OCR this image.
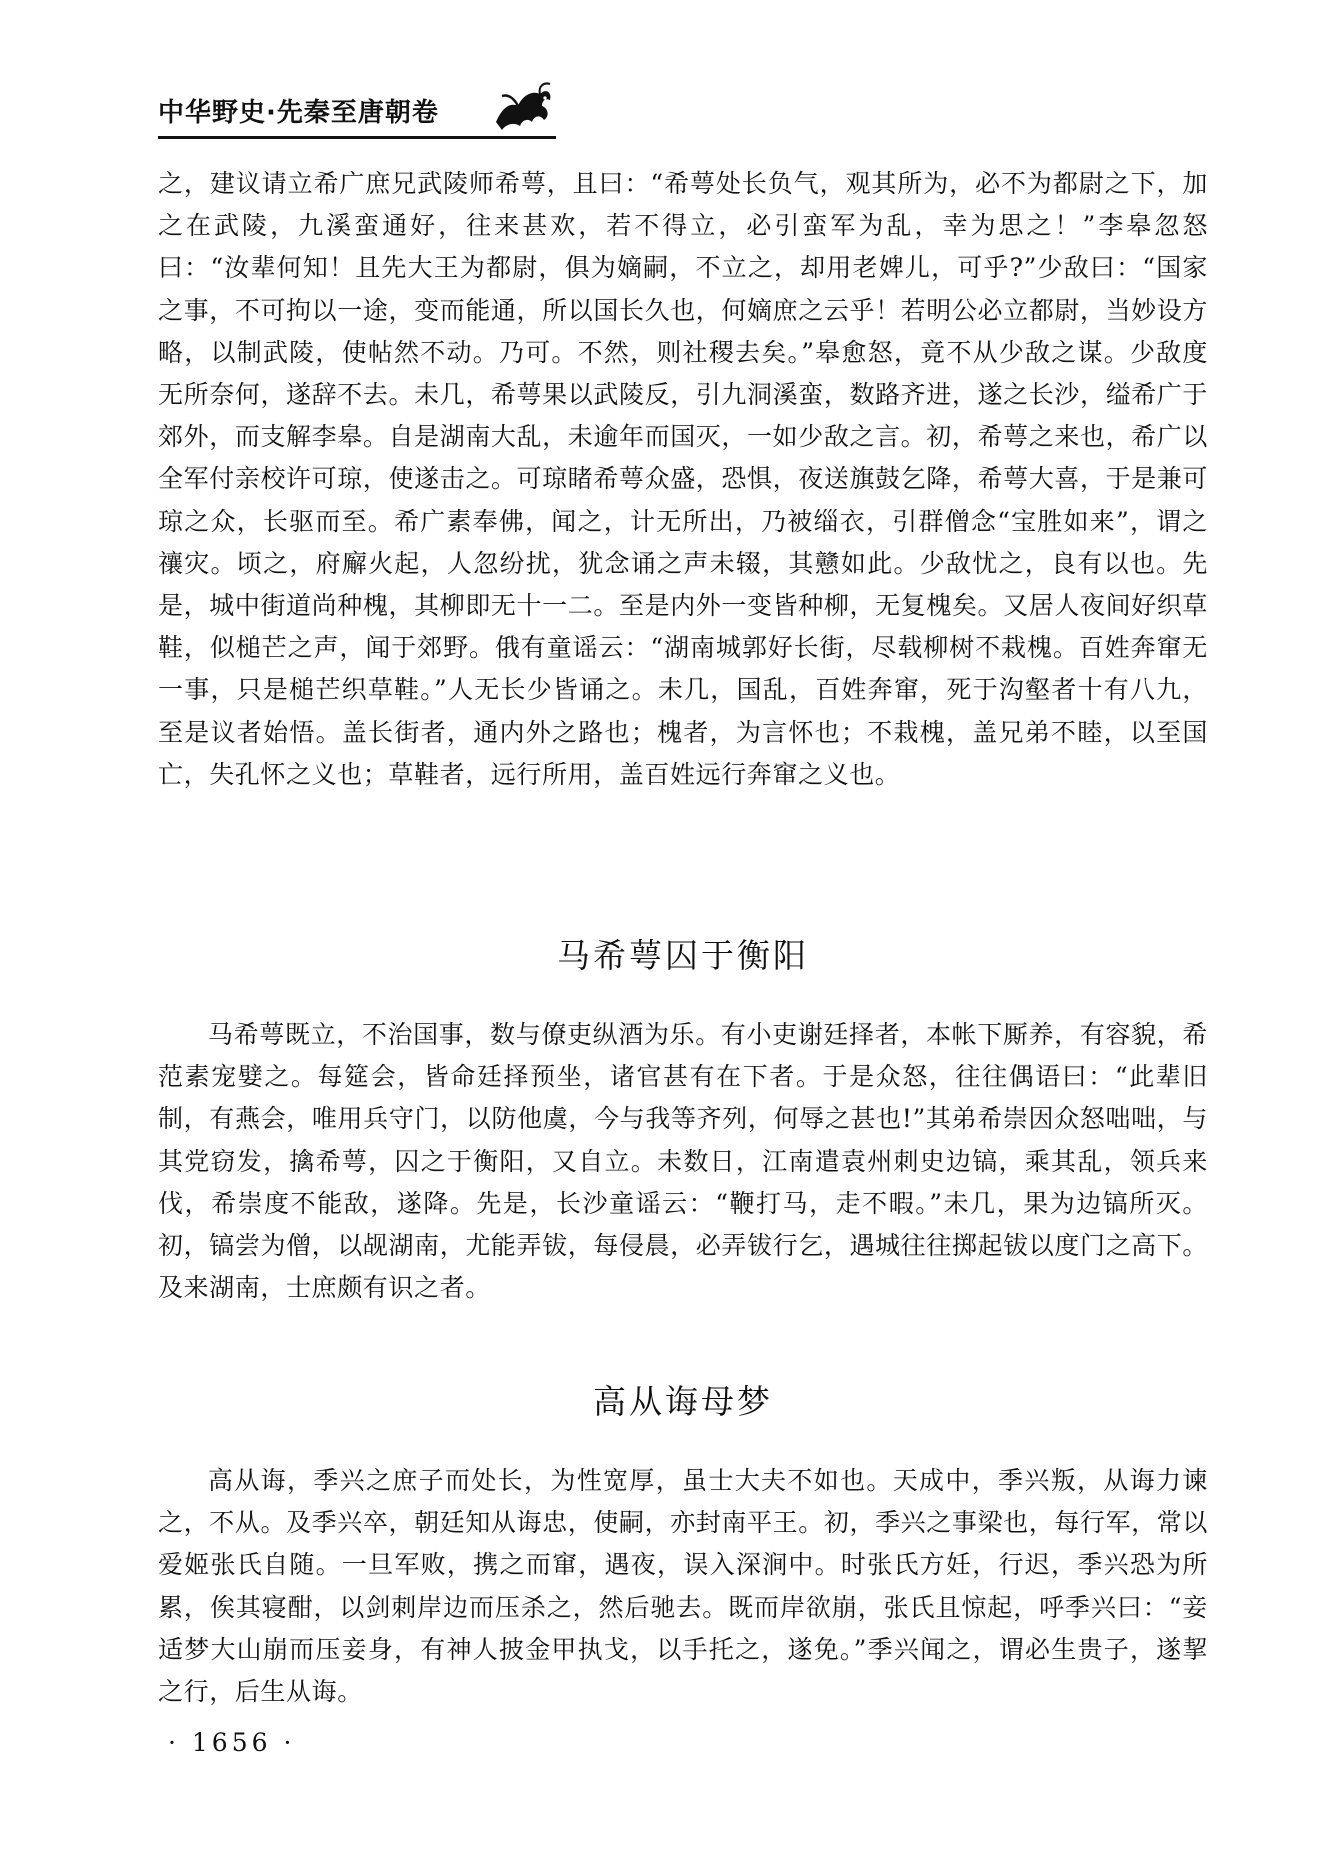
中华野史·先秦至唐朝卷

之，建议请立希广庶兄武陵师希萼，且曰：“希萼处长负气，观其所为，必不为都尉之下，加之在武陵，九溪蛮通好，往来甚欢，若不得立，必引蛮军为乱，幸为思之！”李皋忽怒曰：“汝辈何知！且先大王为都尉，俱为嫡嗣，不立之，却用老婢儿，可乎?”少敌曰：“国家之事，不可拘以一途，变而能通，所以国长久也，何嫡庶之云乎！若明公必立都尉，当妙设方略，以制武陵，使帖然不动。乃可。不然，则社稷去矣。”皋愈怒，竟不从少敌之谋。少敌度无所奈何，遂辞不去。未几，希萼果以武陵反，引九洞溪蛮，数路齐进，遂之长沙，缢希广于郊外，而支解李皋。自是湖南大乱，未逾年而国灭，一如少敌之言。初，希萼之来也，希广以全军付亲校许可琼，使遂击之。可琼睹希萼众盛，恐惧，夜送旗鼓乞降，希萼大喜，于是兼可琼之众，长驱而至。希广素奉佛，闻之，计无所出，乃被缁衣，引群僧念“宝胜如来”，谓之禳灾。顷之，府廨火起，人忽纷扰，犹念诵之声未辍，其戆如此。少敌忧之，良有以也。先是，城中街道尚种槐，其柳即无十一二。至是内外一变皆种柳，无复槐矣。又居人夜间好织草鞋，似槌芒之声，闻于郊野。俄有童谣云：“湖南城郭好长街，尽载柳树不栽槐。百姓奔窜无一事，只是槌芒织草鞋。”人无长少皆诵之。未几，国乱，百姓奔窜，死于沟壑者十有八九，至是议者始悟。盖长街者，通内外之路也；槐者，为言怀也；不栽槐，盖兄弟不睦，以至国亡，失孔怀之义也；草鞋者，远行所用，盖百姓远行奔窜之义也。

马希萼囚于衡阳

马希萼既立，不治国事，数与僚吏纵酒为乐。有小吏谢廷择者，本帐下厮养，有容貌，希范素宠嬖之。每筵会，皆命廷择预坐，诸官甚有在下者。于是众怒，往往偶语曰：“此辈旧制，有燕会，唯用兵守门，以防他虞，今与我等齐列，何辱之甚也!”其弟希崇因众怒咄咄，与其党窃发，擒希萼，囚之于衡阳，又自立。未数日，江南遣袁州刺史边镐，乘其乱，领兵来伐，希崇度不能敌，遂降。先是，长沙童谣云：“鞭打马，走不暇。”未几，果为边镐所灭。初，镐尝为僧，以觇湖南，尤能弄钹，每侵晨，必弄钹行乞，遇城往往掷起钹以度门之高下。及来湖南，士庶颇有识之者。

高从诲母梦

高从诲，季兴之庶子而处长，为性宽厚，虽士大夫不如也。天成中，季兴叛，从诲力谏之，不从。及季兴卒，朝廷知从诲忠，使嗣，亦封南平王。初，季兴之事梁也，每行军，常以爱姬张氏自随。一旦军败，携之而窜，遇夜，误入深涧中。时张氏方妊，行迟，季兴恐为所累，俟其寝酣，以剑刺岸边而压杀之，然后驰去。既而岸欲崩，张氏且惊起，呼季兴曰：“妾适梦大山崩而压妾身，有神人披金甲执戈，以手托之，遂免。”季兴闻之，谓必生贵子，遂挈之行，后生从诲。

· 1656 ·
